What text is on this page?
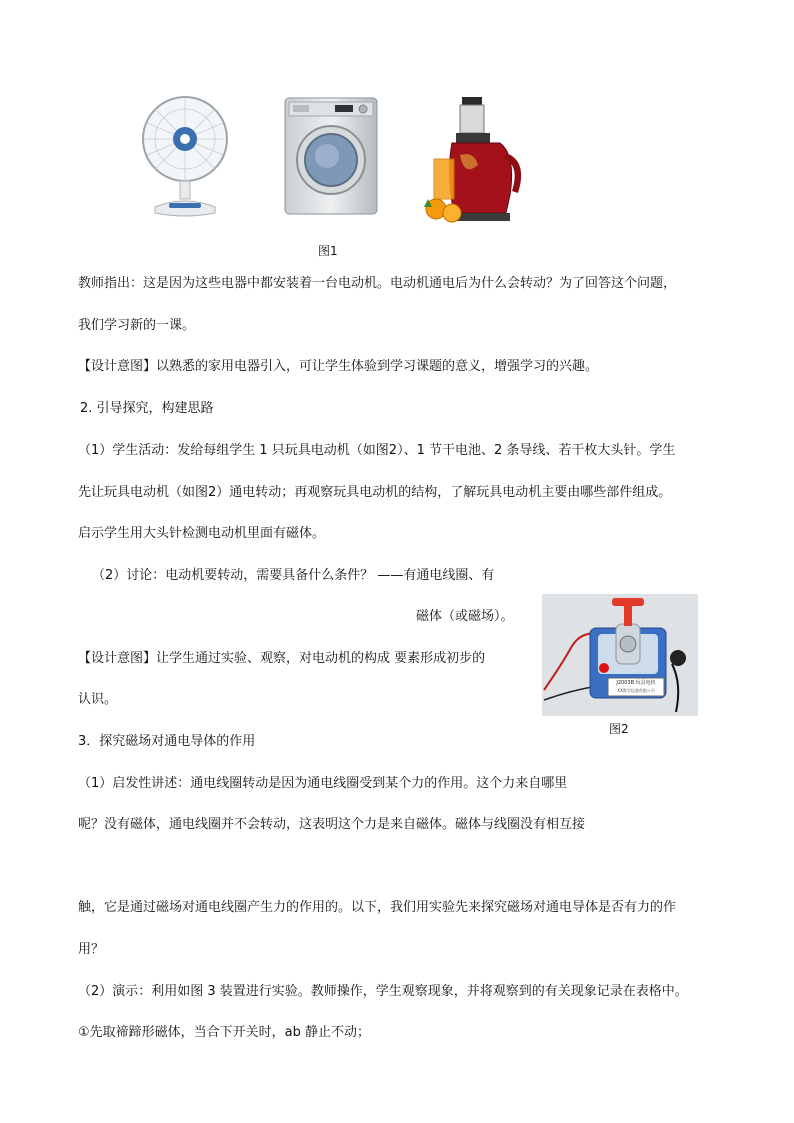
图1
教师指出：这是因为这些电器中都安装着一台电动机。电动机通电后为什么会转动？为了回答这个问题，
我们学习新的一课。
【设计意图】以熟悉的家用电器引入，可让学生体验到学习课题的意义，增强学习的兴趣。
2. 引导探究，构建思路
（1）学生活动：发给每组学生 1 只玩具电动机（如图2）、1 节干电池、2 条导线、若干枚大头针。学生
先让玩具电动机（如图2）通电转动；再观察玩具电动机的结构，了解玩具电动机主要由哪些部件组成。
启示学生用大头针检测电动机里面有磁体。
（2）讨论：电动机要转动，需要具备什么条件？ ——有通电线圈、有
磁体（或磁场）。
【设计意图】让学生通过实验、观察，对电动机的构成 要素形成初步的
认识。
J2003B 玩具电机
XX教学仪器有限公司
图2
3．探究磁场对通电导体的作用
（1）启发性讲述：通电线圈转动是因为通电线圈受到某个力的作用。这个力来自哪里
呢？没有磁体，通电线圈并不会转动，这表明这个力是来自磁体。磁体与线圈没有相互接
触，它是通过磁场对通电线圈产生力的作用的。以下，我们用实验先来探究磁场对通电导体是否有力的作
用？
（2）演示：利用如图 3 装置进行实验。教师操作，学生观察现象，并将观察到的有关现象记录在表格中。
①先取禘蹄形磁体，当合下开关时，ab 静止不动；
